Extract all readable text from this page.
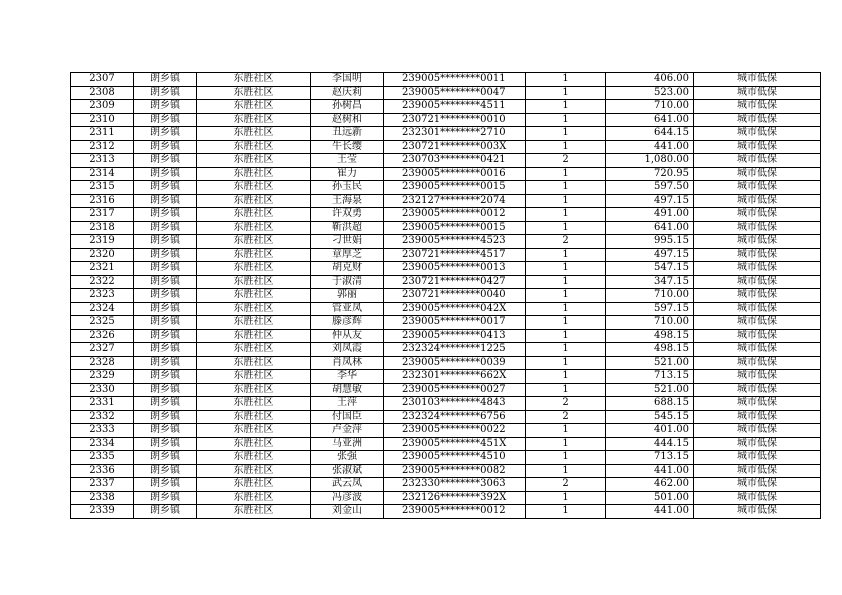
2307	朗乡镇	东胜社区	李国明	239005********0011	1	406.00	城市低保
2308	朗乡镇	东胜社区	赵庆莉	239005********0047	1	523.00	城市低保
2309	朗乡镇	东胜社区	孙树昌	239005********4511	1	710.00	城市低保
2310	朗乡镇	东胜社区	赵树和	230721********0010	1	641.00	城市低保
2311	朗乡镇	东胜社区	丑远新	232301********2710	1	644.15	城市低保
2312	朗乡镇	东胜社区	牛长缨	230721********003X	1	441.00	城市低保
2313	朗乡镇	东胜社区	王莹	230703********0421	2	1,080.00	城市低保
2314	朗乡镇	东胜社区	崔力	239005********0016	1	720.95	城市低保
2315	朗乡镇	东胜社区	孙玉民	239005********0015	1	597.50	城市低保
2316	朗乡镇	东胜社区	王海泉	232127********2074	1	497.15	城市低保
2317	朗乡镇	东胜社区	许双勇	239005********0012	1	491.00	城市低保
2318	朗乡镇	东胜社区	靳洪超	239005********0015	1	641.00	城市低保
2319	朗乡镇	东胜社区	刁世娟	239005********4523	2	995.15	城市低保
2320	朗乡镇	东胜社区	章厚芝	230721********4517	1	497.15	城市低保
2321	朗乡镇	东胜社区	胡克财	239005********0013	1	547.15	城市低保
2322	朗乡镇	东胜社区	于淑清	230721********0427	1	347.15	城市低保
2323	朗乡镇	东胜社区	郭丽	230721********0040	1	710.00	城市低保
2324	朗乡镇	东胜社区	管亚凤	239005********042X	1	597.15	城市低保
2325	朗乡镇	东胜社区	滕彦辉	239005********0017	1	710.00	城市低保
2326	朗乡镇	东胜社区	仲从友	239005********0413	1	498.15	城市低保
2327	朗乡镇	东胜社区	刘凤霞	232324********1225	1	498.15	城市低保
2328	朗乡镇	东胜社区	肖凤林	239005********0039	1	521.00	城市低保
2329	朗乡镇	东胜社区	李华	232301********662X	1	713.15	城市低保
2330	朗乡镇	东胜社区	胡慧敏	239005********0027	1	521.00	城市低保
2331	朗乡镇	东胜社区	王萍	230103********4843	2	688.15	城市低保
2332	朗乡镇	东胜社区	付国臣	232324********6756	2	545.15	城市低保
2333	朗乡镇	东胜社区	卢金萍	239005********0022	1	401.00	城市低保
2334	朗乡镇	东胜社区	马亚洲	239005********451X	1	444.15	城市低保
2335	朗乡镇	东胜社区	张强	239005********4510	1	713.15	城市低保
2336	朗乡镇	东胜社区	张淑斌	239005********0082	1	441.00	城市低保
2337	朗乡镇	东胜社区	武云凤	232330********3063	2	462.00	城市低保
2338	朗乡镇	东胜社区	冯彦波	232126********392X	1	501.00	城市低保
2339	朗乡镇	东胜社区	刘金山	239005********0012	1	441.00	城市低保
